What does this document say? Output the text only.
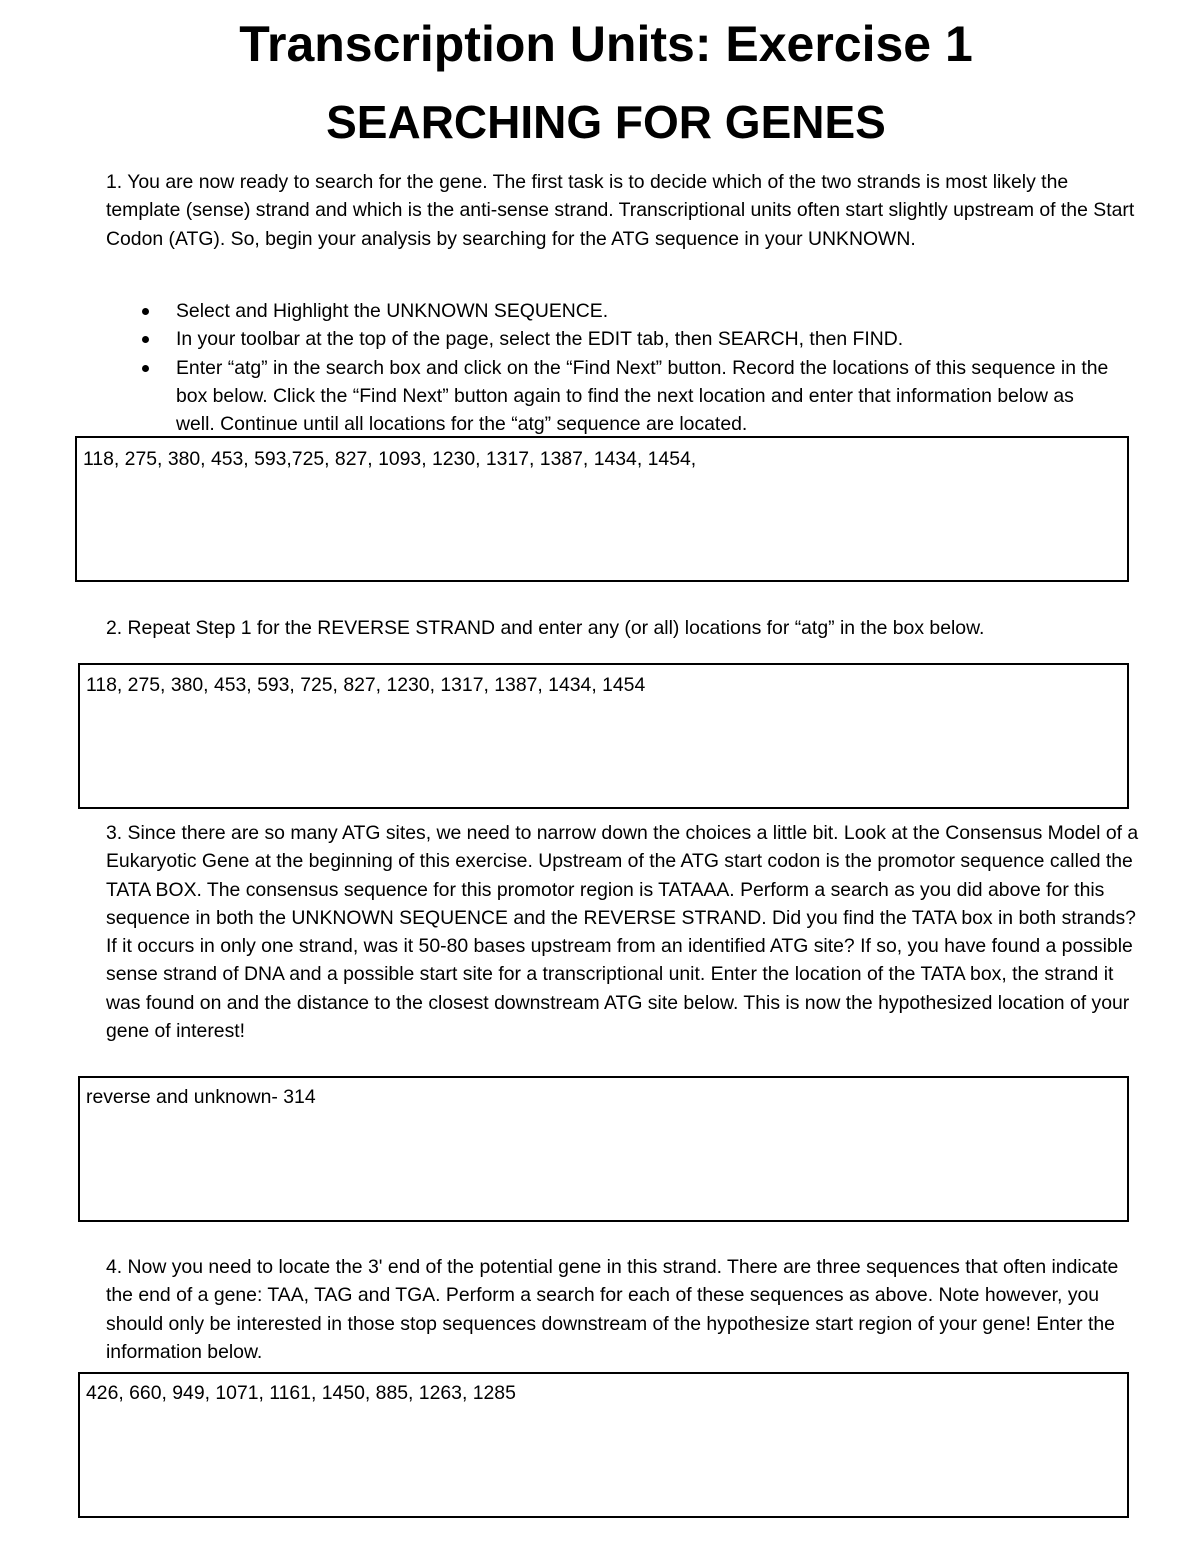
Transcription Units: Exercise 1
SEARCHING FOR GENES

1. You are now ready to search for the gene. The first task is to decide which of the two strands is most likely the template (sense) strand and which is the anti-sense strand. Transcriptional units often start slightly upstream of the Start Codon (ATG). So, begin your analysis by searching for the ATG sequence in your UNKNOWN.

Select and Highlight the UNKNOWN SEQUENCE.
In your toolbar at the top of the page, select the EDIT tab, then SEARCH, then FIND.
Enter “atg” in the search box and click on the “Find Next” button. Record the locations of this sequence in the box below. Click the “Find Next” button again to find the next location and enter that information below as well. Continue until all locations for the “atg” sequence are located.
118, 275, 380, 453, 593,725, 827, 1093, 1230, 1317, 1387, 1434, 1454,

2. Repeat Step 1 for the REVERSE STRAND and enter any (or all) locations for “atg” in the box below.

118, 275, 380, 453, 593, 725, 827, 1230, 1317, 1387, 1434, 1454

3. Since there are so many ATG sites, we need to narrow down the choices a little bit. Look at the Consensus Model of a Eukaryotic Gene at the beginning of this exercise. Upstream of the ATG start codon is the promotor sequence called the TATA BOX. The consensus sequence for this promotor region is TATAAA. Perform a search as you did above for this sequence in both the UNKNOWN SEQUENCE and the REVERSE STRAND. Did you find the TATA box in both strands? If it occurs in only one strand, was it 50-80 bases upstream from an identified ATG site? If so, you have found a possible sense strand of DNA and a possible start site for a transcriptional unit. Enter the location of the TATA box, the strand it was found on and the distance to the closest downstream ATG site below. This is now the hypothesized location of your gene of interest!

reverse and unknown- 314

4. Now you need to locate the 3' end of the potential gene in this strand. There are three sequences that often indicate the end of a gene: TAA, TAG and TGA. Perform a search for each of these sequences as above. Note however, you should only be interested in those stop sequences downstream of the hypothesize start region of your gene! Enter the information below.

426, 660, 949, 1071, 1161, 1450, 885, 1263, 1285
